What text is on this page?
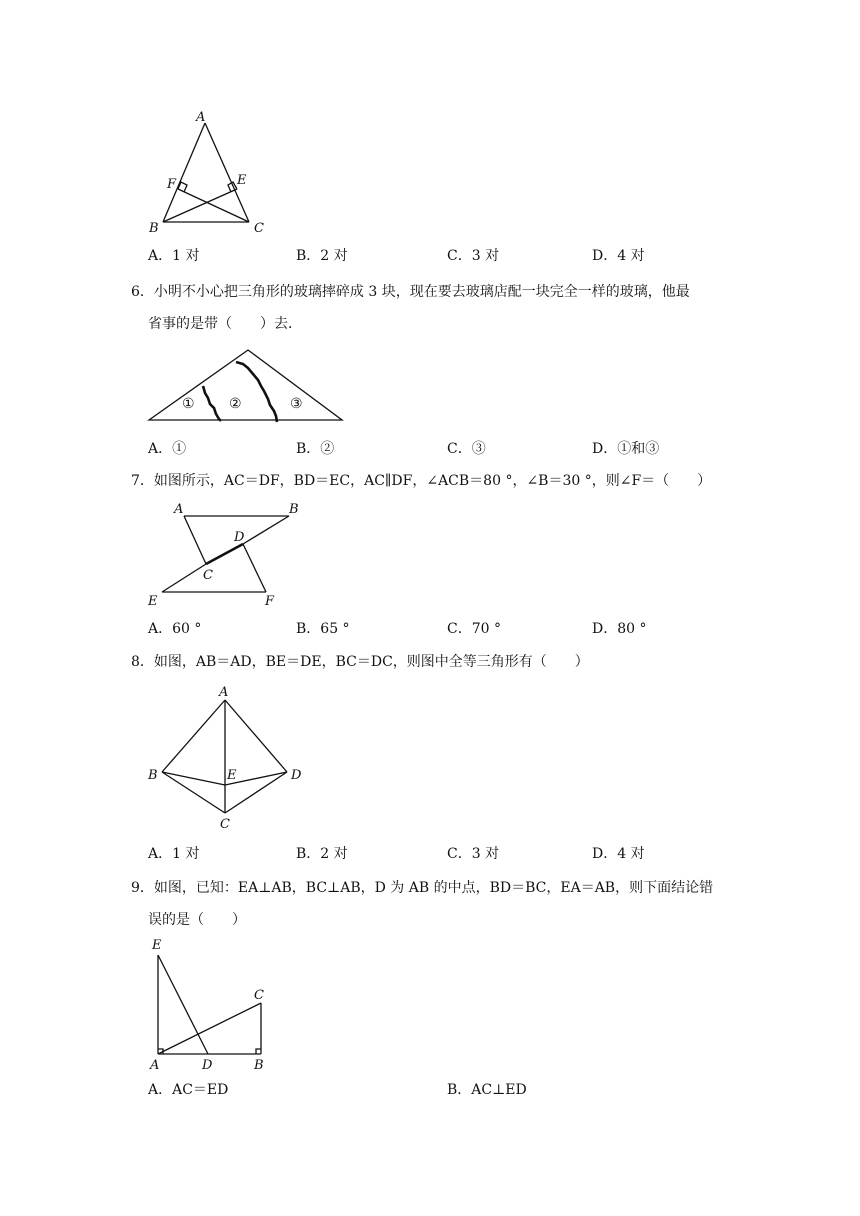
A
F	E
B	C
A．1 对	B．2 对	C．3 对	D．4 对
6．小明不小心把三角形的玻璃摔碎成 3 块，现在要去玻璃店配一块完全一样的玻璃，他最
省事的是带（　　）去．
① ②	③
A．①	B．②	C．③	D．①和③
7．如图所示，AC＝DF，BD＝EC，AC∥DF，∠ACB＝80 °，∠B＝30 °，则∠F＝（　　）
A	B
D
C
E	F
A．60 °	B．65 °	C．70 °	D．80 °
8．如图，AB＝AD，BE＝DE，BC＝DC，则图中全等三角形有（　　）
A
B	E	D
C
A．1 对	B．2 对	C．3 对	D．4 对
9．如图，已知：EA⊥AB，BC⊥AB，D 为 AB 的中点，BD＝BC，EA＝AB，则下面结论错
误的是（　　）
E
C
A	D	B
A．AC＝ED	B．AC⊥ED
